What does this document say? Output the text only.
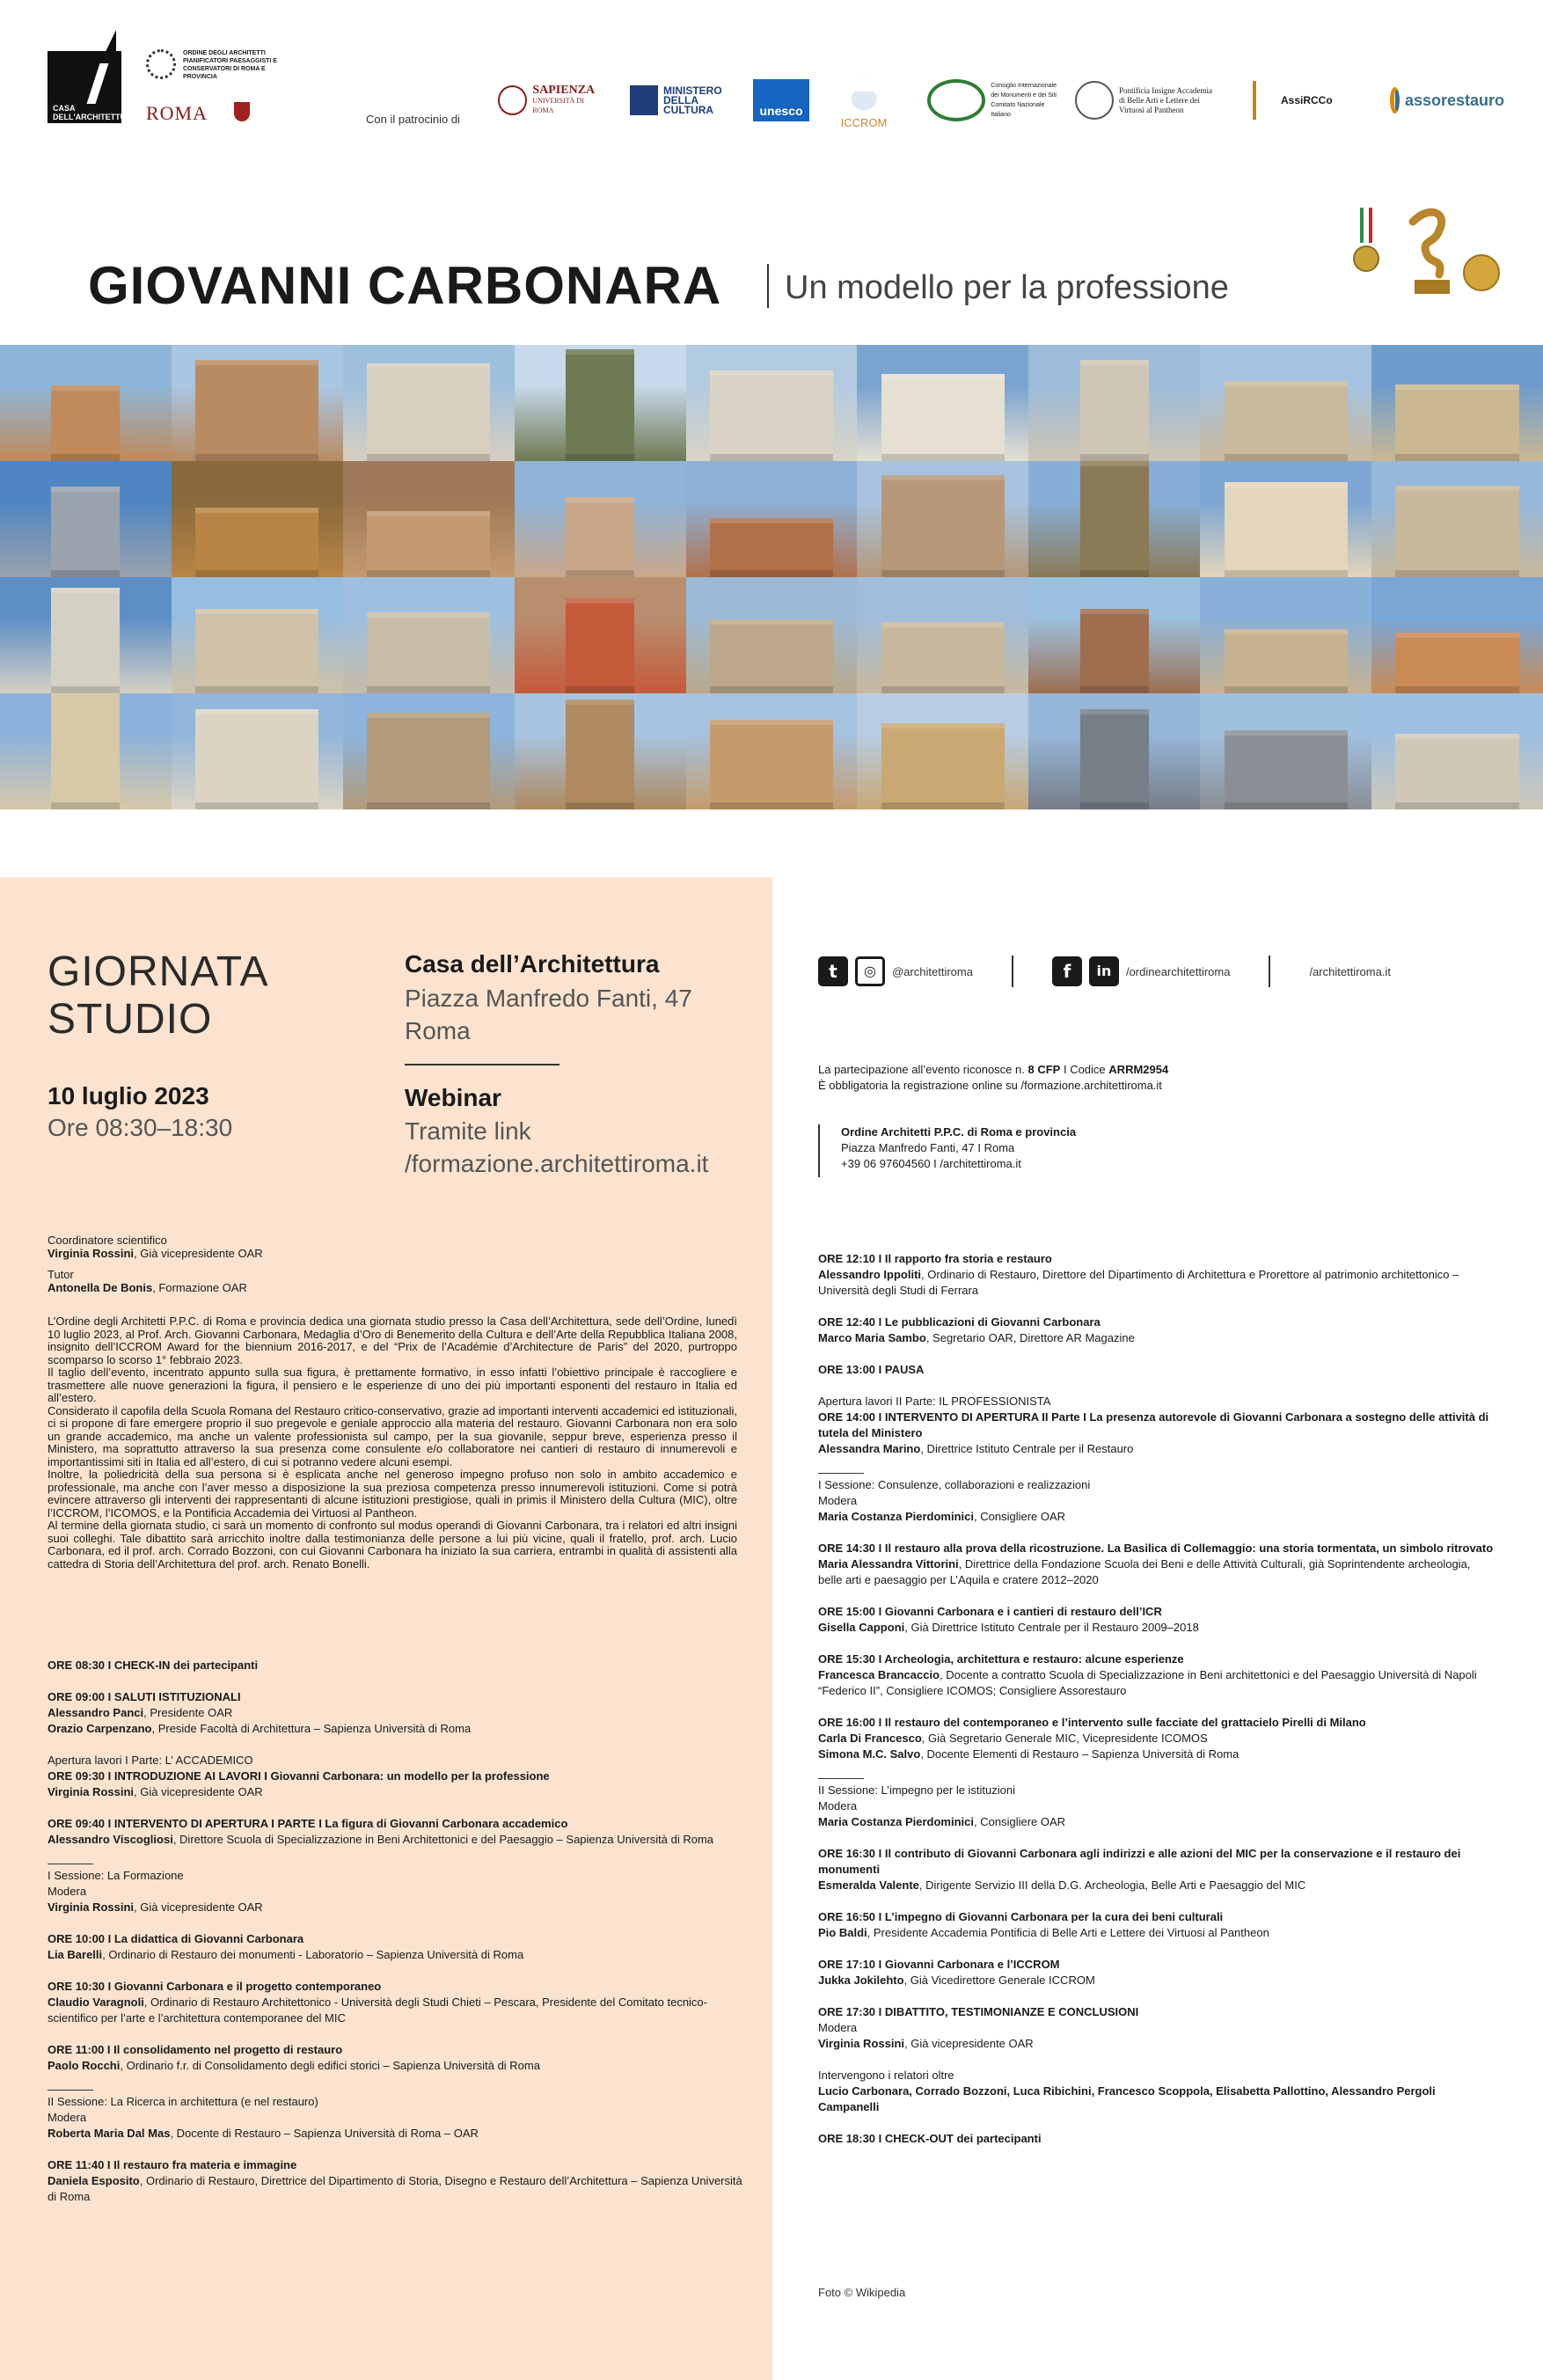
CASA
DELL'ARCHITETTURA
ORDINE DEGLI ARCHITETTI PIANIFICATORI PAESAGGISTI E CONSERVATORI DI ROMA E PROVINCIA
ROMA	Con il patrocinio di
SAPIENZA
UNIVERSITÀ DI ROMA
MINISTERO DELLA CULTURA	unesco
ICCROM
Consiglio Internazionale dei Monumenti e dei Siti
Comitato Nazionale Italiano
Pontificia Insigne Accademia di Belle Arti e Lettere dei Virtuosi al Pantheon
AssiRCCo	assorestauro
GIOVANNI CARBONARA	Un modello per la professione
GIORNATA
STUDIO
10 luglio 2023
Ore 08:30–18:30
Casa dell’Architettura
Piazza Manfredo Fanti, 47
Roma
Webinar
Tramite link
/formazione.architettiroma.it
Coordinatore scientifico
Virginia Rossini, Già vicepresidente OAR
Tutor
Antonella De Bonis, Formazione OAR

L’Ordine degli Architetti P.P.C. di Roma e provincia dedica una giornata studio presso la Casa dell’Architettura, sede dell’Ordine, lunedì 10 luglio 2023, al Prof. Arch. Giovanni Carbonara, Medaglia d’Oro di Benemerito della Cultura e dell’Arte della Repubblica Italiana 2008, insignito dell’ICCROM Award for the biennium 2016-2017, e del “Prix de l’Académie d’Architecture de Paris” del 2020, purtroppo scomparso lo scorso 1° febbraio 2023.

Il taglio dell’evento, incentrato appunto sulla sua figura, è prettamente formativo, in esso infatti l’obiettivo principale è raccogliere e trasmettere alle nuove generazioni la figura, il pensiero e le esperienze di uno dei più importanti esponenti del restauro in Italia ed all’estero.

Considerato il capofila della Scuola Romana del Restauro critico-conservativo, grazie ad importanti interventi accademici ed istituzionali, ci si propone di fare emergere proprio il suo pregevole e geniale approccio alla materia del restauro. Giovanni Carbonara non era solo un grande accademico, ma anche un valente professionista sul campo, per la sua giovanile, seppur breve, esperienza presso il Ministero, ma soprattutto attraverso la sua presenza come consulente e/o collaboratore nei cantieri di restauro di innumerevoli e importantissimi siti in Italia ed all’estero, di cui si potranno vedere alcuni esempi.

Inoltre, la poliedricità della sua persona si è esplicata anche nel generoso impegno profuso non solo in ambito accademico e professionale, ma anche con l’aver messo a disposizione la sua preziosa competenza presso innumerevoli istituzioni. Come si potrà evincere attraverso gli interventi dei rappresentanti di alcune istituzioni prestigiose, quali in primis il Ministero della Cultura (MIC), oltre l’ICCROM, l’ICOMOS, e la Pontificia Accademia dei Virtuosi al Pantheon.

Al termine della giornata studio, ci sarà un momento di confronto sul modus operandi di Giovanni Carbonara, tra i relatori ed altri insigni suoi colleghi. Tale dibattito sarà arricchito inoltre dalla testimonianza delle persone a lui più vicine, quali il fratello, prof. arch. Lucio Carbonara, ed il prof. arch. Corrado Bozzoni, con cui Giovanni Carbonara ha iniziato la sua carriera, entrambi in qualità di assistenti alla cattedra di Storia dell’Architettura del prof. arch. Renato Bonelli.

ORE 08:30 I CHECK-IN dei partecipanti
ORE 09:00 I SALUTI ISTITUZIONALI
Alessandro Panci, Presidente OAR
Orazio Carpenzano, Preside Facoltà di Architettura – Sapienza Università di Roma
Apertura lavori I Parte: L’ ACCADEMICO
ORE 09:30 I INTRODUZIONE AI LAVORI I Giovanni Carbonara: un modello per la professione
Virginia Rossini, Già vicepresidente OAR
ORE 09:40 I INTERVENTO DI APERTURA I PARTE I La figura di Giovanni Carbonara accademico
Alessandro Viscogliosi, Direttore Scuola di Specializzazione in Beni Architettonici e del Paesaggio – Sapienza Università di Roma
I Sessione: La Formazione
Modera
Virginia Rossini, Già vicepresidente OAR
ORE 10:00 I La didattica di Giovanni Carbonara
Lia Barelli, Ordinario di Restauro dei monumenti - Laboratorio – Sapienza Università di Roma
ORE 10:30 I Giovanni Carbonara e il progetto contemporaneo
Claudio Varagnoli, Ordinario di Restauro Architettonico - Università degli Studi Chieti – Pescara, Presidente del Comitato tecnico-scientifico per l’arte e l’architettura contemporanee del MIC
ORE 11:00 I Il consolidamento nel progetto di restauro
Paolo Rocchi, Ordinario f.r. di Consolidamento degli edifici storici – Sapienza Università di Roma
II Sessione: La Ricerca in architettura (e nel restauro)
Modera
Roberta Maria Dal Mas, Docente di Restauro – Sapienza Università di Roma – OAR
ORE 11:40 I Il restauro fra materia e immagine
Daniela Esposito, Ordinario di Restauro, Direttrice del Dipartimento di Storia, Disegno e Restauro dell’Architettura – Sapienza Università di Roma
t	◎	@architettiroma	f	in	/ordinearchitettiroma	/architettiroma.it
La partecipazione all’evento riconosce n. 8 CFP I Codice ARRM2954
È obbligatoria la registrazione online su /formazione.architettiroma.it
Ordine Architetti P.P.C. di Roma e provincia
Piazza Manfredo Fanti, 47 I Roma
+39 06 97604560 I /architettiroma.it
ORE 12:10 I Il rapporto fra storia e restauro
Alessandro Ippoliti, Ordinario di Restauro, Direttore del Dipartimento di Architettura e Prorettore al patrimonio architettonico – Università degli Studi di Ferrara
ORE 12:40 I Le pubblicazioni di Giovanni Carbonara
Marco Maria Sambo, Segretario OAR, Direttore AR Magazine
ORE 13:00 I PAUSA
Apertura lavori II Parte: IL PROFESSIONISTA
ORE 14:00 I INTERVENTO DI APERTURA II Parte I La presenza autorevole di Giovanni Carbonara a sostegno delle attività di tutela del Ministero
Alessandra Marino, Direttrice Istituto Centrale per il Restauro
I Sessione: Consulenze, collaborazioni e realizzazioni
Modera
Maria Costanza Pierdominici, Consigliere OAR
ORE 14:30 I Il restauro alla prova della ricostruzione. La Basilica di Collemaggio: una storia tormentata, un simbolo ritrovato
Maria Alessandra Vittorini, Direttrice della Fondazione Scuola dei Beni e delle Attività Culturali, già Soprintendente archeologia, belle arti e paesaggio per L’Aquila e cratere 2012–2020
ORE 15:00 I Giovanni Carbonara e i cantieri di restauro dell’ICR
Gisella Capponi, Già Direttrice Istituto Centrale per il Restauro 2009–2018
ORE 15:30 I Archeologia, architettura e restauro: alcune esperienze
Francesca Brancaccio, Docente a contratto Scuola di Specializzazione in Beni architettonici e del Paesaggio Università di Napoli “Federico II”, Consigliere ICOMOS; Consigliere Assorestauro
ORE 16:00 I Il restauro del contemporaneo e l’intervento sulle facciate del grattacielo Pirelli di Milano
Carla Di Francesco, Già Segretario Generale MIC, Vicepresidente ICOMOS
Simona M.C. Salvo, Docente Elementi di Restauro – Sapienza Università di Roma
II Sessione: L’impegno per le istituzioni
Modera
Maria Costanza Pierdominici, Consigliere OAR
ORE 16:30 I Il contributo di Giovanni Carbonara agli indirizzi e alle azioni del MIC per la conservazione e il restauro dei monumenti
Esmeralda Valente, Dirigente Servizio III della D.G. Archeologia, Belle Arti e Paesaggio del MIC
ORE 16:50 I L’impegno di Giovanni Carbonara per la cura dei beni culturali
Pio Baldi, Presidente Accademia Pontificia di Belle Arti e Lettere dei Virtuosi al Pantheon
ORE 17:10 I Giovanni Carbonara e l’ICCROM
Jukka Jokilehto, Già Vicedirettore Generale ICCROM
ORE 17:30 I DIBATTITO, TESTIMONIANZE E CONCLUSIONI
Modera
Virginia Rossini, Già vicepresidente OAR
Intervengono i relatori oltre
Lucio Carbonara, Corrado Bozzoni, Luca Ribichini, Francesco Scoppola, Elisabetta Pallottino, Alessandro Pergoli Campanelli
ORE 18:30 I CHECK-OUT dei partecipanti
Foto © Wikipedia
